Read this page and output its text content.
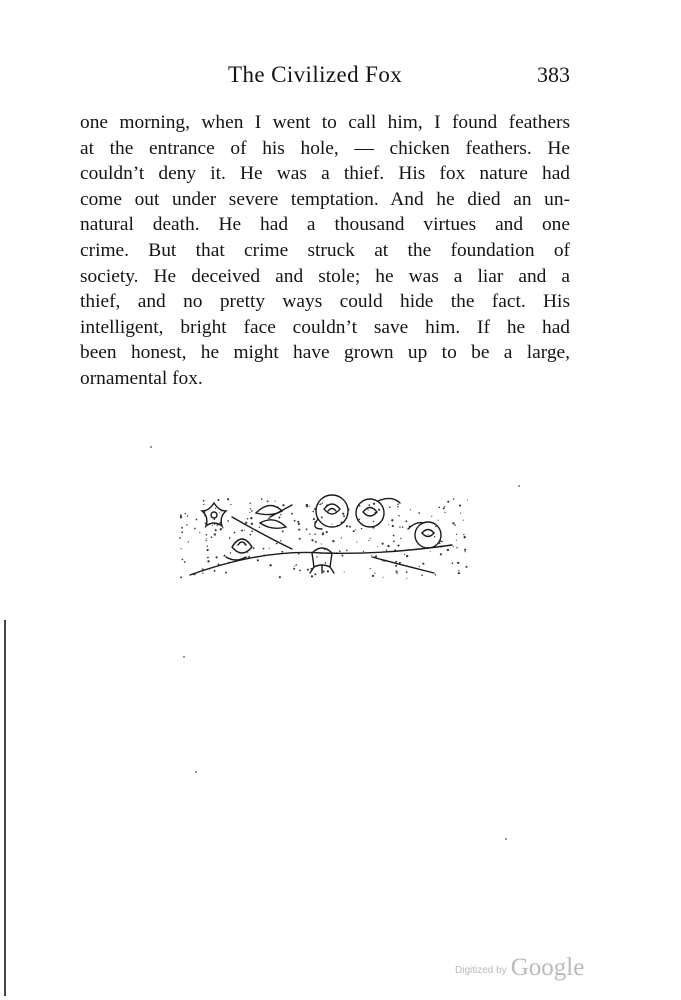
The Civilized Fox	383
one morning, when I went to call him, I found feathers
at the entrance of his hole, — chicken feathers. He
couldn’t deny it. He was a thief. His fox nature had
come out under severe temptation. And he died an un-
natural death. He had a thousand virtues and one
crime. But that crime struck at the foundation of
society. He deceived and stole; he was a liar and a
thief, and no pretty ways could hide the fact. His
intelligent, bright face couldn’t save him. If he had
been honest, he might have grown up to be a large,
ornamental fox.
Digitized by Google
